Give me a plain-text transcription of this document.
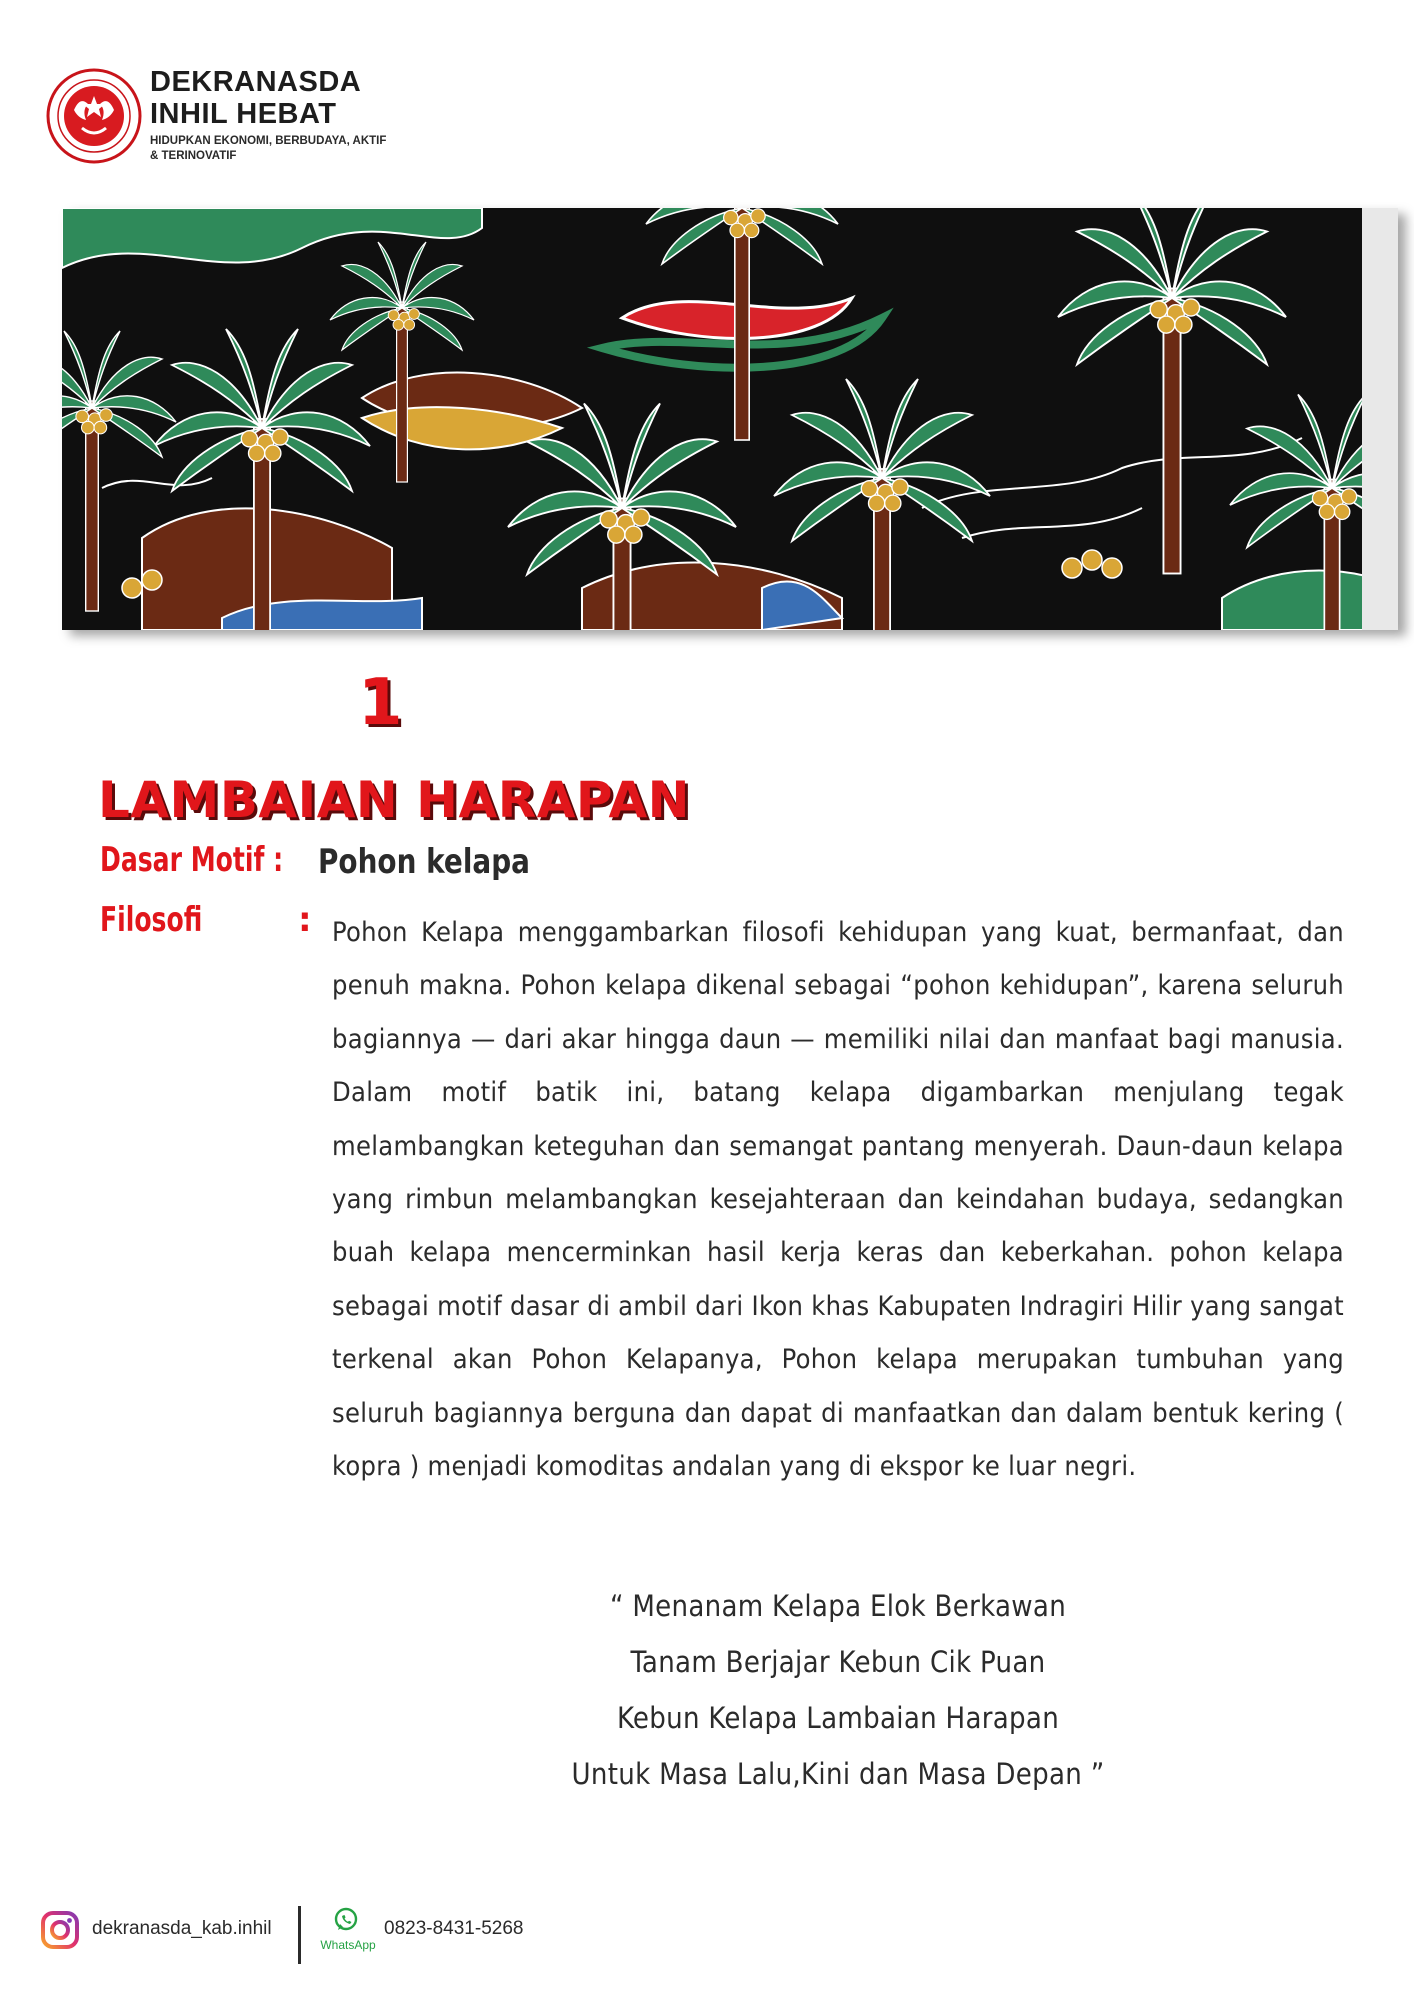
DEKRANASDA
INHIL HEBAT
HIDUPKAN EKONOMI, BERBUDAYA, AKTIF & TERINOVATIF
1
LAMBAIAN HARAPAN
Dasar Motif :	Pohon kelapa
Filosofi	: Pohon Kelapa menggambarkan filosofi kehidupan yang kuat, bermanfaat, dan penuh makna. Pohon kelapa dikenal sebagai “pohon kehidupan”, karena seluruh bagiannya — dari akar hingga daun — memiliki nilai dan manfaat bagi manusia. Dalam motif batik ini, batang kelapa digambarkan menjulang tegak melambangkan keteguhan dan semangat pantang menyerah. Daun-daun kelapa yang rimbun melambangkan kesejahteraan dan keindahan budaya, sedangkan buah kelapa mencerminkan hasil kerja keras dan keberkahan. pohon kelapa sebagai motif dasar di ambil dari Ikon khas Kabupaten Indragiri Hilir yang sangat terkenal akan Pohon Kelapanya, Pohon kelapa merupakan tumbuhan yang seluruh bagiannya berguna dan dapat di manfaatkan dan dalam bentuk kering ( kopra ) menjadi komoditas andalan yang di ekspor ke luar negri.
“ Menanam Kelapa Elok Berkawan
Tanam Berjajar Kebun Cik Puan
Kebun Kelapa Lambaian Harapan
Untuk Masa Lalu,Kini dan Masa Depan ”
dekranasda_kab.inhil
WhatsApp
0823-8431-5268
